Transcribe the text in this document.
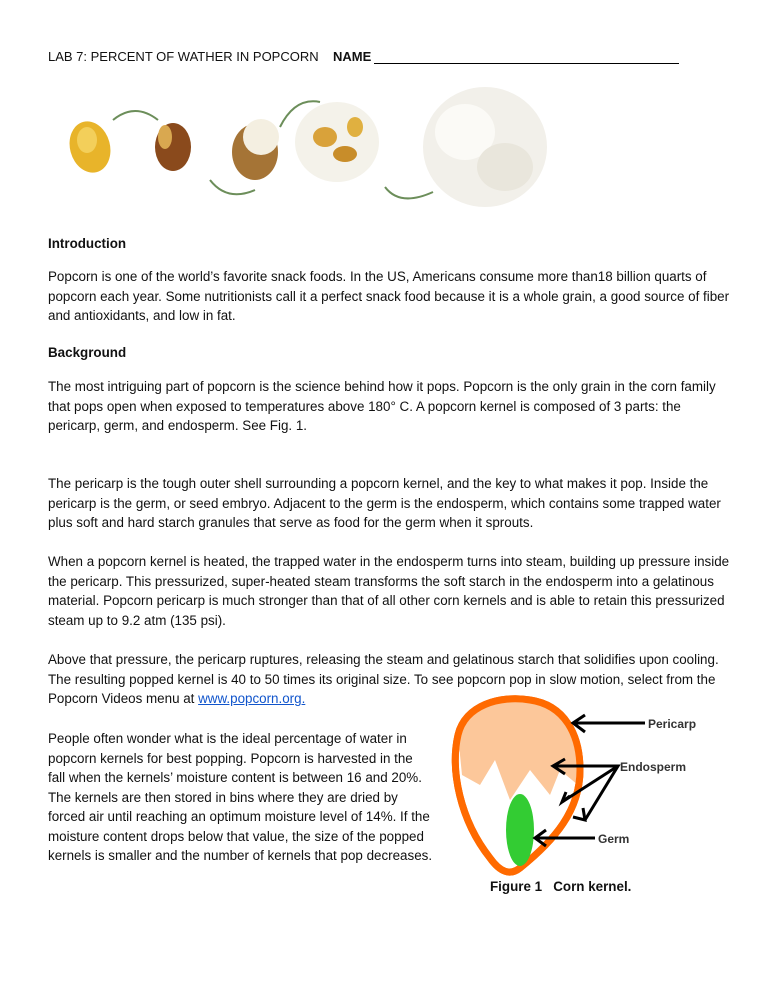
LAB 7: PERCENT OF WATHER IN POPCORN NAME
Introduction

Popcorn is one of the world’s favorite snack foods. In the US, Americans consume more than18 billion quarts of popcorn each year. Some nutritionists call it a perfect snack food because it is a whole grain, a good source of fiber and antioxidants, and low in fat.

Background

The most intriguing part of popcorn is the science behind how it pops. Popcorn is the only grain in the corn family that pops open when exposed to temperatures above 180° C. A popcorn kernel is composed of 3 parts: the pericarp, germ, and endosperm. See Fig. 1.

The pericarp is the tough outer shell surrounding a popcorn kernel, and the key to what makes it pop. Inside the pericarp is the germ, or seed embryo. Adjacent to the germ is the endosperm, which contains some trapped water plus soft and hard starch granules that serve as food for the germ when it sprouts.

When a popcorn kernel is heated, the trapped water in the endosperm turns into steam, building up pressure inside the pericarp. This pressurized, super-heated steam transforms the soft starch in the endosperm into a gelatinous material. Popcorn pericarp is much stronger than that of all other corn kernels and is able to retain this pressurized steam up to 9.2 atm (135 psi).

Above that pressure, the pericarp ruptures, releasing the steam and gelatinous starch that solidifies upon cooling. The resulting popped kernel is 40 to 50 times its original size. To see popcorn pop in slow motion, select from the Popcorn Videos menu at www.popcorn.org.

People often wonder what is the ideal percentage of water in popcorn kernels for best popping. Popcorn is harvested in the fall when the kernels’ moisture content is between 16 and 20%. The kernels are then stored in bins where they are dried by forced air until reaching an optimum moisture level of 14%. If the moisture content drops below that value, the size of the popped kernels is smaller and the number of kernels that pop decreases.

Pericarp
Endosperm
Germ
Figure 1   Corn kernel.
